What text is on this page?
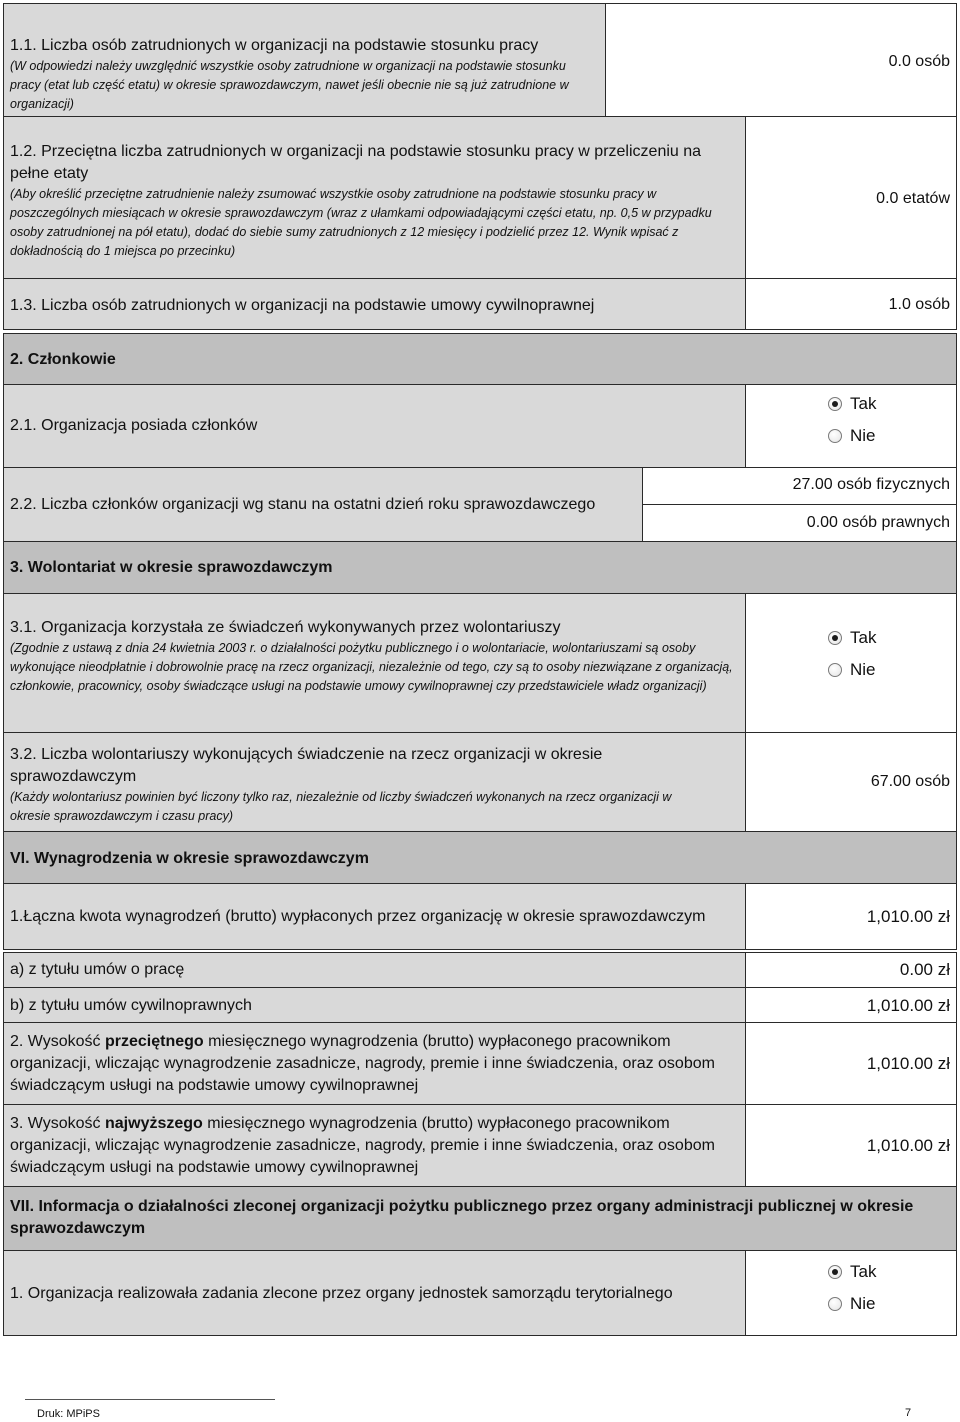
1.1. Liczba osób zatrudnionych w organizacji na podstawie stosunku pracy
(W odpowiedzi należy uwzględnić wszystkie osoby zatrudnione w organizacji na podstawie stosunku pracy (etat lub część etatu) w okresie sprawozdawczym, nawet jeśli obecnie nie są już zatrudnione w organizacji)
0.0 osób
1.2. Przeciętna liczba zatrudnionych w organizacji na podstawie stosunku pracy w przeliczeniu na pełne etaty
(Aby określić przeciętne zatrudnienie należy zsumować wszystkie osoby zatrudnione na podstawie stosunku pracy w poszczególnych miesiącach w okresie sprawozdawczym (wraz z ułamkami odpowiadającymi części etatu, np. 0,5 w przypadku osoby zatrudnionej na pół etatu), dodać do siebie sumy zatrudnionych z 12 miesięcy i podzielić przez 12. Wynik wpisać z dokładnością do 1 miejsca po przecinku)
0.0 etatów
1.3. Liczba osób zatrudnionych w organizacji na podstawie umowy cywilnoprawnej	1.0 osób
2. Członkowie
2.1. Organizacja posiada członków
Tak
Nie
2.2. Liczba członków organizacji wg stanu na ostatni dzień roku sprawozdawczego
27.00 osób fizycznych
0.00 osób prawnych
3. Wolontariat w okresie sprawozdawczym
3.1. Organizacja korzystała ze świadczeń wykonywanych przez wolontariuszy
(Zgodnie z ustawą z dnia 24 kwietnia 2003 r. o działalności pożytku publicznego i o wolontariacie, wolontariuszami są osoby wykonujące nieodpłatnie i dobrowolnie pracę na rzecz organizacji, niezależnie od tego, czy są to osoby niezwiązane z organizacją, członkowie, pracownicy, osoby świadczące usługi na podstawie umowy cywilnoprawnej czy przedstawiciele władz organizacji)
Tak
Nie
3.2. Liczba wolontariuszy wykonujących świadczenie na rzecz organizacji w okresie sprawozdawczym
(Każdy wolontariusz powinien być liczony tylko raz, niezależnie od liczby świadczeń wykonanych na rzecz organizacji w okresie sprawozdawczym i czasu pracy)
67.00 osób
VI. Wynagrodzenia w okresie sprawozdawczym
1.Łączna kwota wynagrodzeń (brutto) wypłaconych przez organizację w okresie sprawozdawczym	1,010.00 zł
a) z tytułu umów o pracę	0.00 zł
b) z tytułu umów cywilnoprawnych	1,010.00 zł
2. Wysokość przeciętnego miesięcznego wynagrodzenia (brutto) wypłaconego pracownikom organizacji, wliczając wynagrodzenie zasadnicze, nagrody, premie i inne świadczenia, oraz osobom świadczącym usługi na podstawie umowy cywilnoprawnej
1,010.00 zł
3. Wysokość najwyższego miesięcznego wynagrodzenia (brutto) wypłaconego pracownikom organizacji, wliczając wynagrodzenie zasadnicze, nagrody, premie i inne świadczenia, oraz osobom świadczącym usługi na podstawie umowy cywilnoprawnej
1,010.00 zł
VII. Informacja o działalności zleconej organizacji pożytku publicznego przez organy administracji publicznej w okresie sprawozdawczym
1. Organizacja realizowała zadania zlecone przez organy jednostek samorządu terytorialnego
Tak
Nie
Druk: MPiPS	7
